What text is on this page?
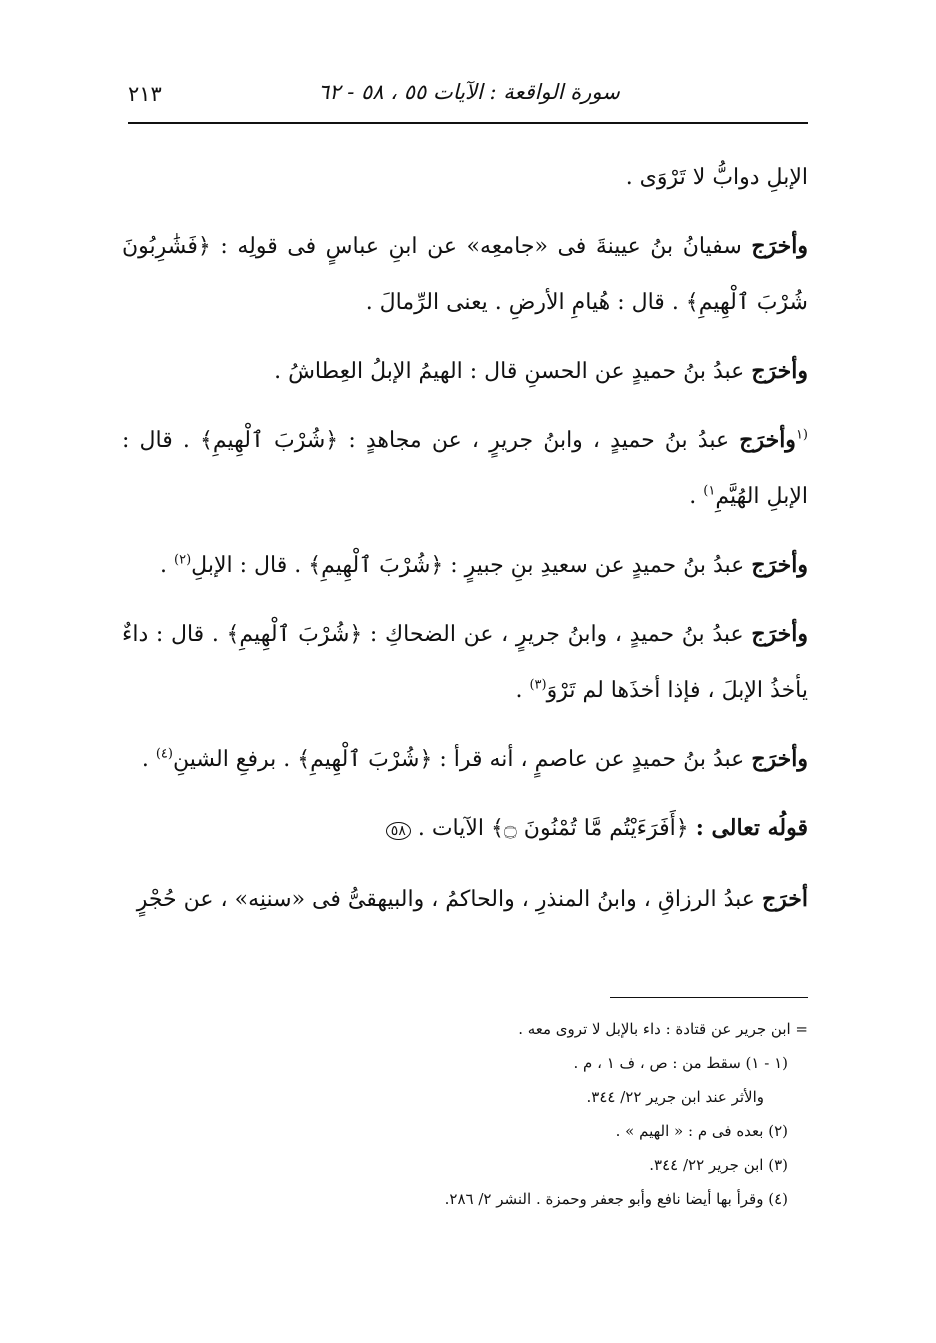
٢١٣	سورة الواقعة : الآيات ٥٥ ، ٥٨ - ٦٢

الإبلِ دوابُّ لا تَرْوَى .

وأخرَج سفيانُ بنُ عيينةَ فى «جامعِه» عن ابنِ عباسٍ فى قولِه : ﴿فَشَٰرِبُونَ شُرْبَ ٱلْهِيمِ﴾ . قال : هُيامِ الأرضِ . يعنى الرِّمالَ .

وأخرَج عبدُ بنُ حميدٍ عن الحسنِ قال : الهيمُ الإبلُ العِطاشُ .

$^{(١}$وأخرَج عبدُ بنُ حميدٍ ، وابنُ جريرٍ ، عن مجاهدٍ : ﴿شُرْبَ ٱلْهِيمِ﴾ . قال : الإبلِ الهُيَّمِ$^{١)}$ .

وأخرَج عبدُ بنُ حميدٍ عن سعيدِ بنِ جبيرٍ : ﴿شُرْبَ ٱلْهِيمِ﴾ . قال : الإبلِ$^{(٢)}$ .

وأخرَج عبدُ بنُ حميدٍ ، وابنُ جريرٍ ، عن الضحاكِ : ﴿شُرْبَ ٱلْهِيمِ﴾ . قال : داءٌ يأخذُ الإبلَ ، فإذا أخذَها لم تَرْوَ$^{(٣)}$ .

وأخرَج عبدُ بنُ حميدٍ عن عاصمٍ ، أنه قرأ : ﴿شُرْبَ ٱلْهِيمِ﴾ . برفعِ الشينِ$^{(٤)}$ .

قولُه تعالى : ﴿أَفَرَءَيْتُم مَّا تُمْنُونَ ۝﴾ الآيات . ٥٨

أخرَج عبدُ الرزاقِ ، وابنُ المنذرِ ، والحاكمُ ، والبيهقىُّ فى «سننِه» ، عن حُجْرٍ

= ابن جرير عن قتادة : داء بالإبل لا تروى معه .

(١ - ١) سقط من : ص ، ف ١ ، م .

والأثر عند ابن جرير ٢٢/ ٣٤٤.

(٢) بعده فى م : « الهيم » .

(٣) ابن جرير ٢٢/ ٣٤٤.

(٤) وقرأ بها أيضا نافع وأبو جعفر وحمزة . النشر ٢/ ٢٨٦.
